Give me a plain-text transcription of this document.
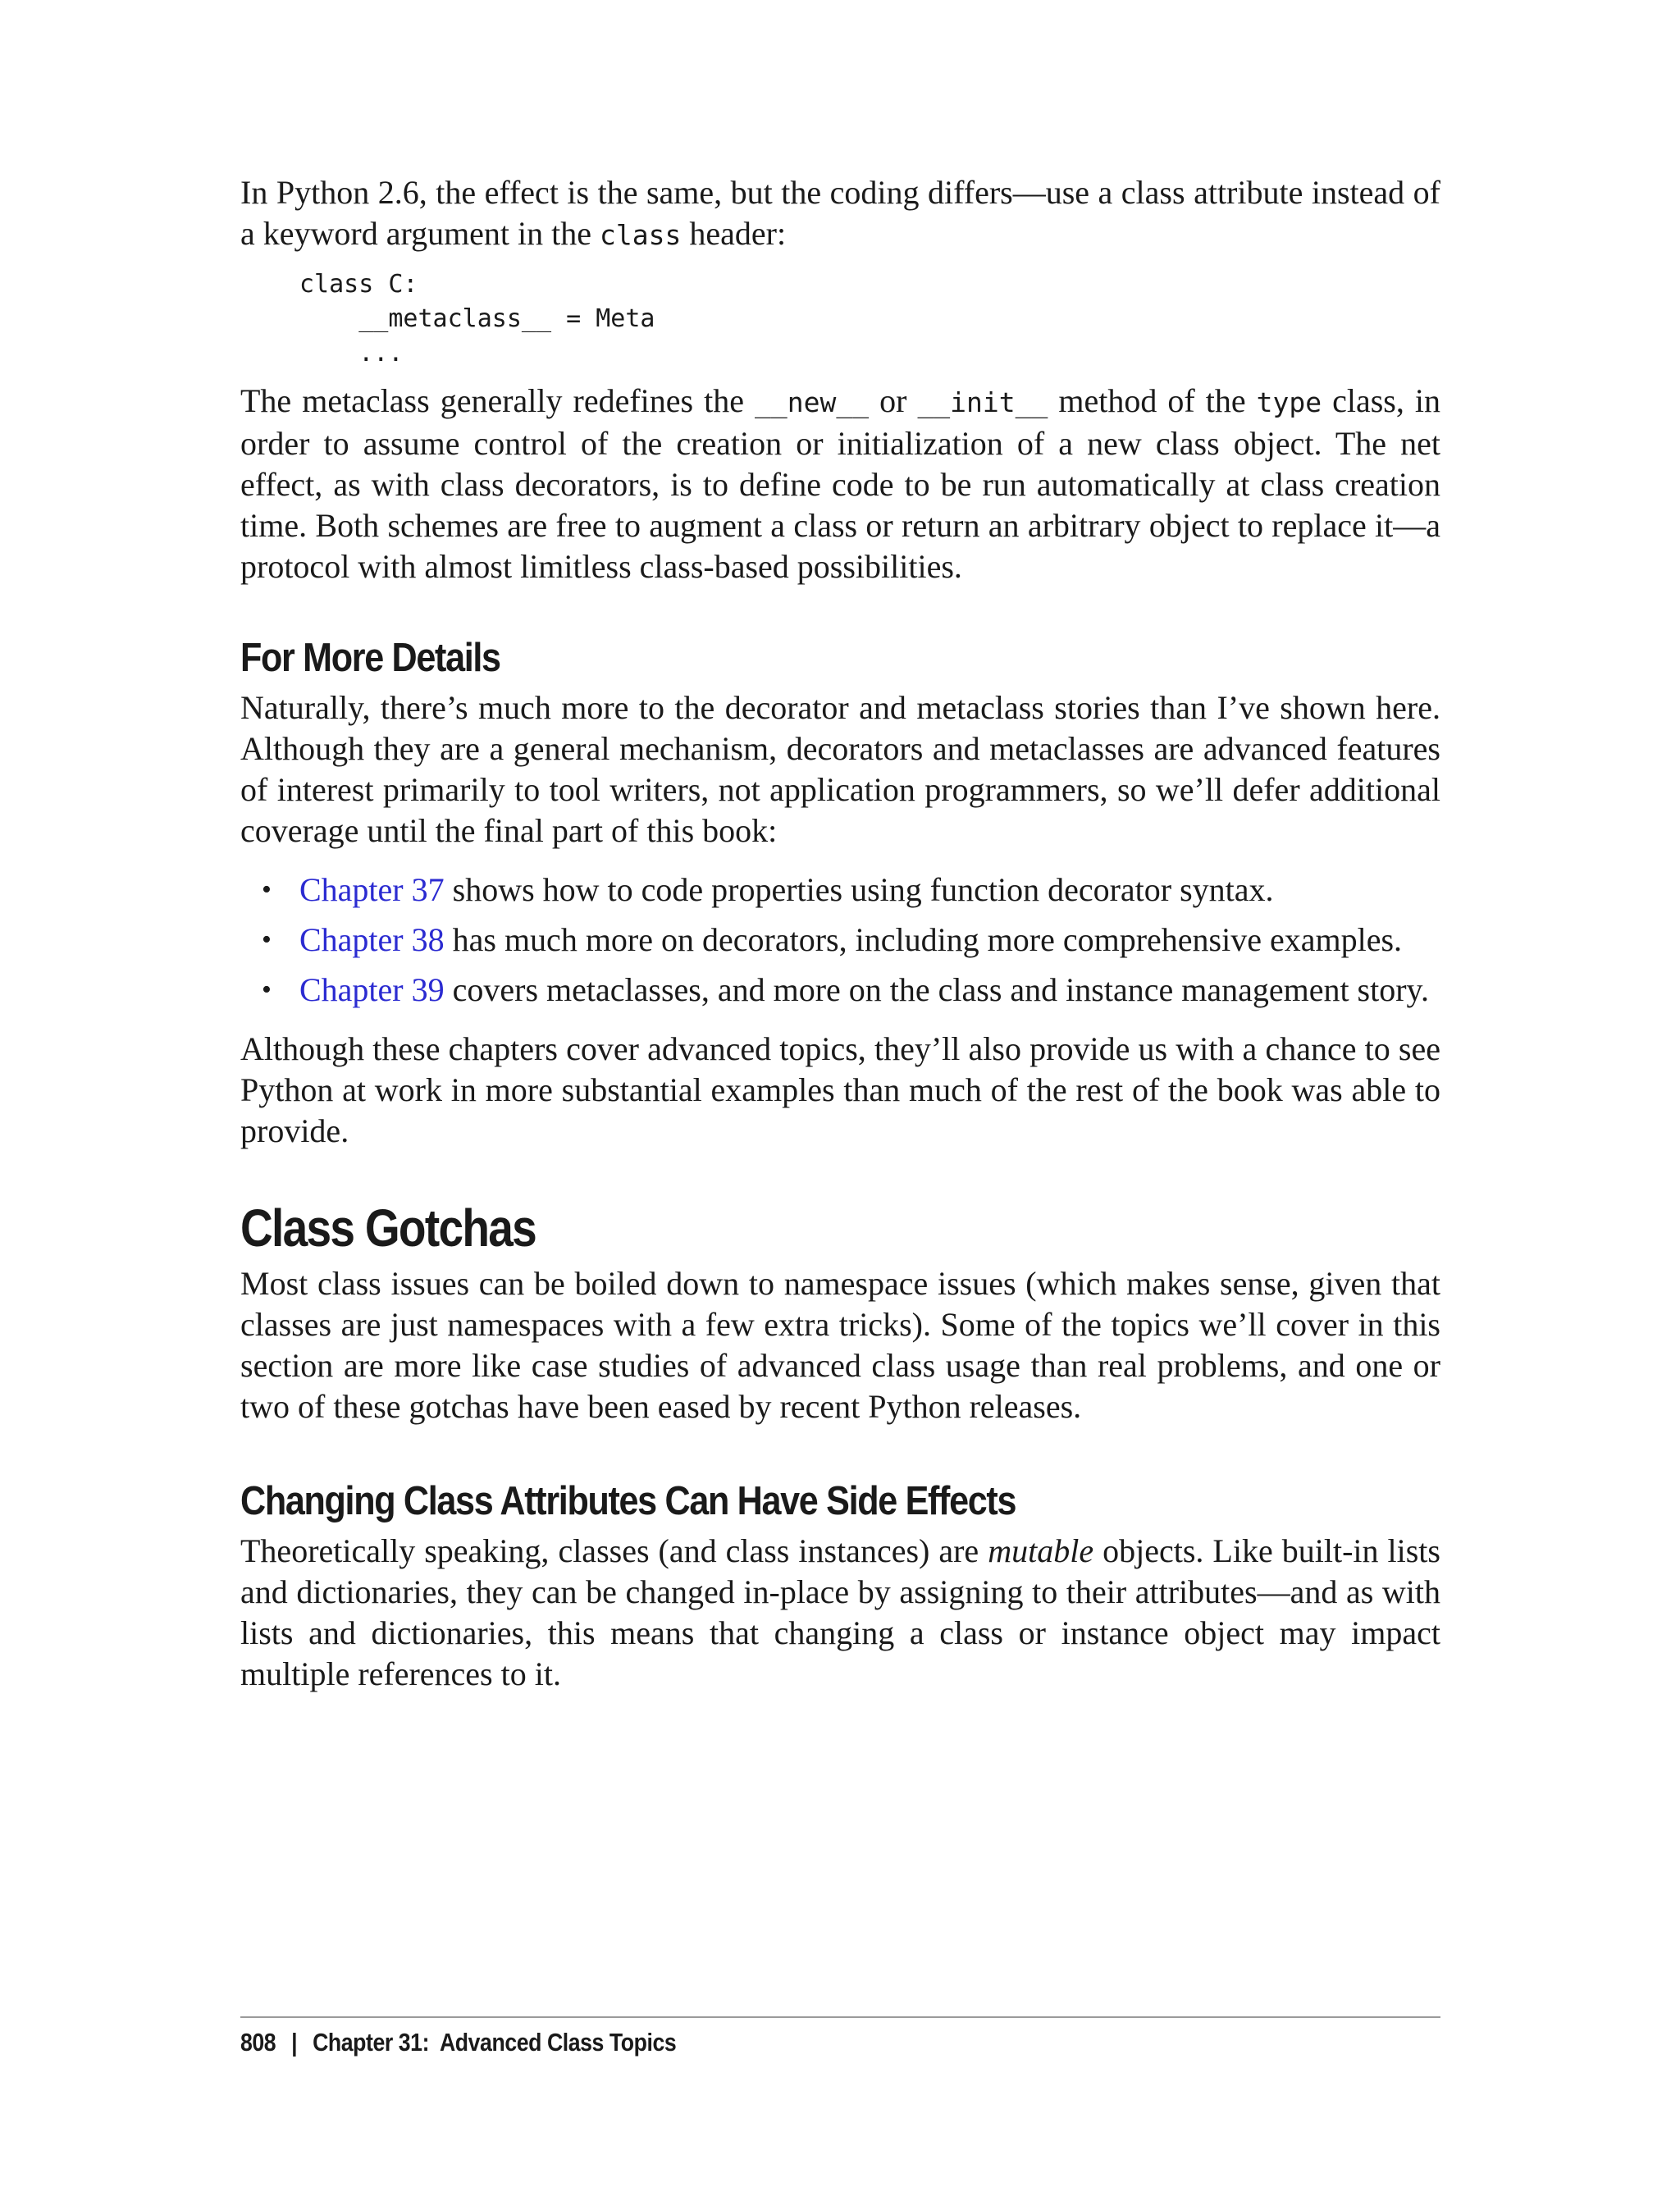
In Python 2.6, the effect is the same, but the coding differs—use a class attribute instead of a keyword argument in the class header:

class C:
__metaclass__ = Meta
...

The metaclass generally redefines the __new__ or __init__ method of the type class, in order to assume control of the creation or initialization of a new class object. The net effect, as with class decorators, is to define code to be run automatically at class creation time. Both schemes are free to augment a class or return an arbitrary object to replace it—a protocol with almost limitless class-based possibilities.

For More Details

Naturally, there’s much more to the decorator and metaclass stories than I’ve shown here. Although they are a general mechanism, decorators and metaclasses are advanced features of interest primarily to tool writers, not application programmers, so we’ll defer additional coverage until the final part of this book:

• Chapter 37 shows how to code properties using function decorator syntax.
• Chapter 38 has much more on decorators, including more comprehensive examples.
• Chapter 39 covers metaclasses, and more on the class and instance management story.

Although these chapters cover advanced topics, they’ll also provide us with a chance to see Python at work in more substantial examples than much of the rest of the book was able to provide.

Class Gotchas

Most class issues can be boiled down to namespace issues (which makes sense, given that classes are just namespaces with a few extra tricks). Some of the topics we’ll cover in this section are more like case studies of advanced class usage than real problems, and one or two of these gotchas have been eased by recent Python releases.

Changing Class Attributes Can Have Side Effects

Theoretically speaking, classes (and class instances) are mutable objects. Like built-in lists and dictionaries, they can be changed in-place by assigning to their attributes—and as with lists and dictionaries, this means that changing a class or instance object may impact multiple references to it.

808 | Chapter 31:  Advanced Class Topics
